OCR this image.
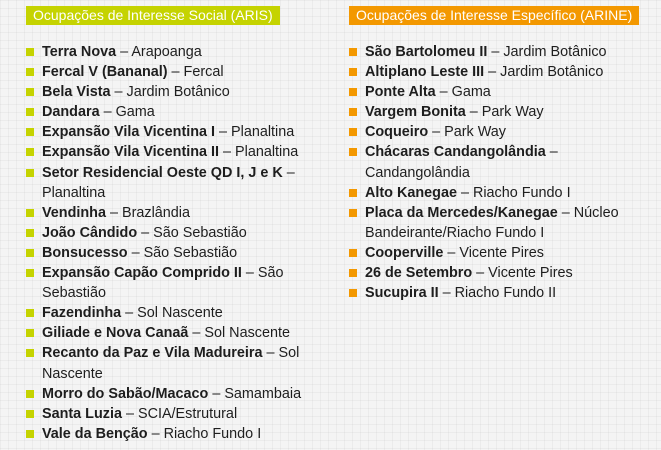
Ocupações de Interesse Social (ARIS)
Terra Nova – Arapoanga
Fercal V (Bananal) – Fercal
Bela Vista – Jardim Botânico
Dandara – Gama
Expansão Vila Vicentina I – Planaltina
Expansão Vila Vicentina II – Planaltina
Setor Residencial Oeste QD I, J e K – Planaltina
Vendinha – Brazlândia
João Cândido – São Sebastião
Bonsucesso – São Sebastião
Expansão Capão Comprido II – São Sebastião
Fazendinha – Sol Nascente
Giliade e Nova Canaã – Sol Nascente
Recanto da Paz e Vila Madureira – Sol Nascente
Morro do Sabão/Macaco – Samambaia
Santa Luzia – SCIA/Estrutural
Vale da Benção – Riacho Fundo I
Ocupações de Interesse Específico (ARINE)
São Bartolomeu II – Jardim Botânico
Altiplano Leste III – Jardim Botânico
Ponte Alta – Gama
Vargem Bonita – Park Way
Coqueiro – Park Way
Chácaras Candangolândia – Candangolândia
Alto Kanegae – Riacho Fundo I
Placa da Mercedes/Kanegae – Núcleo Bandeirante/Riacho Fundo I
Cooperville – Vicente Pires
26 de Setembro – Vicente Pires
Sucupira II – Riacho Fundo II
